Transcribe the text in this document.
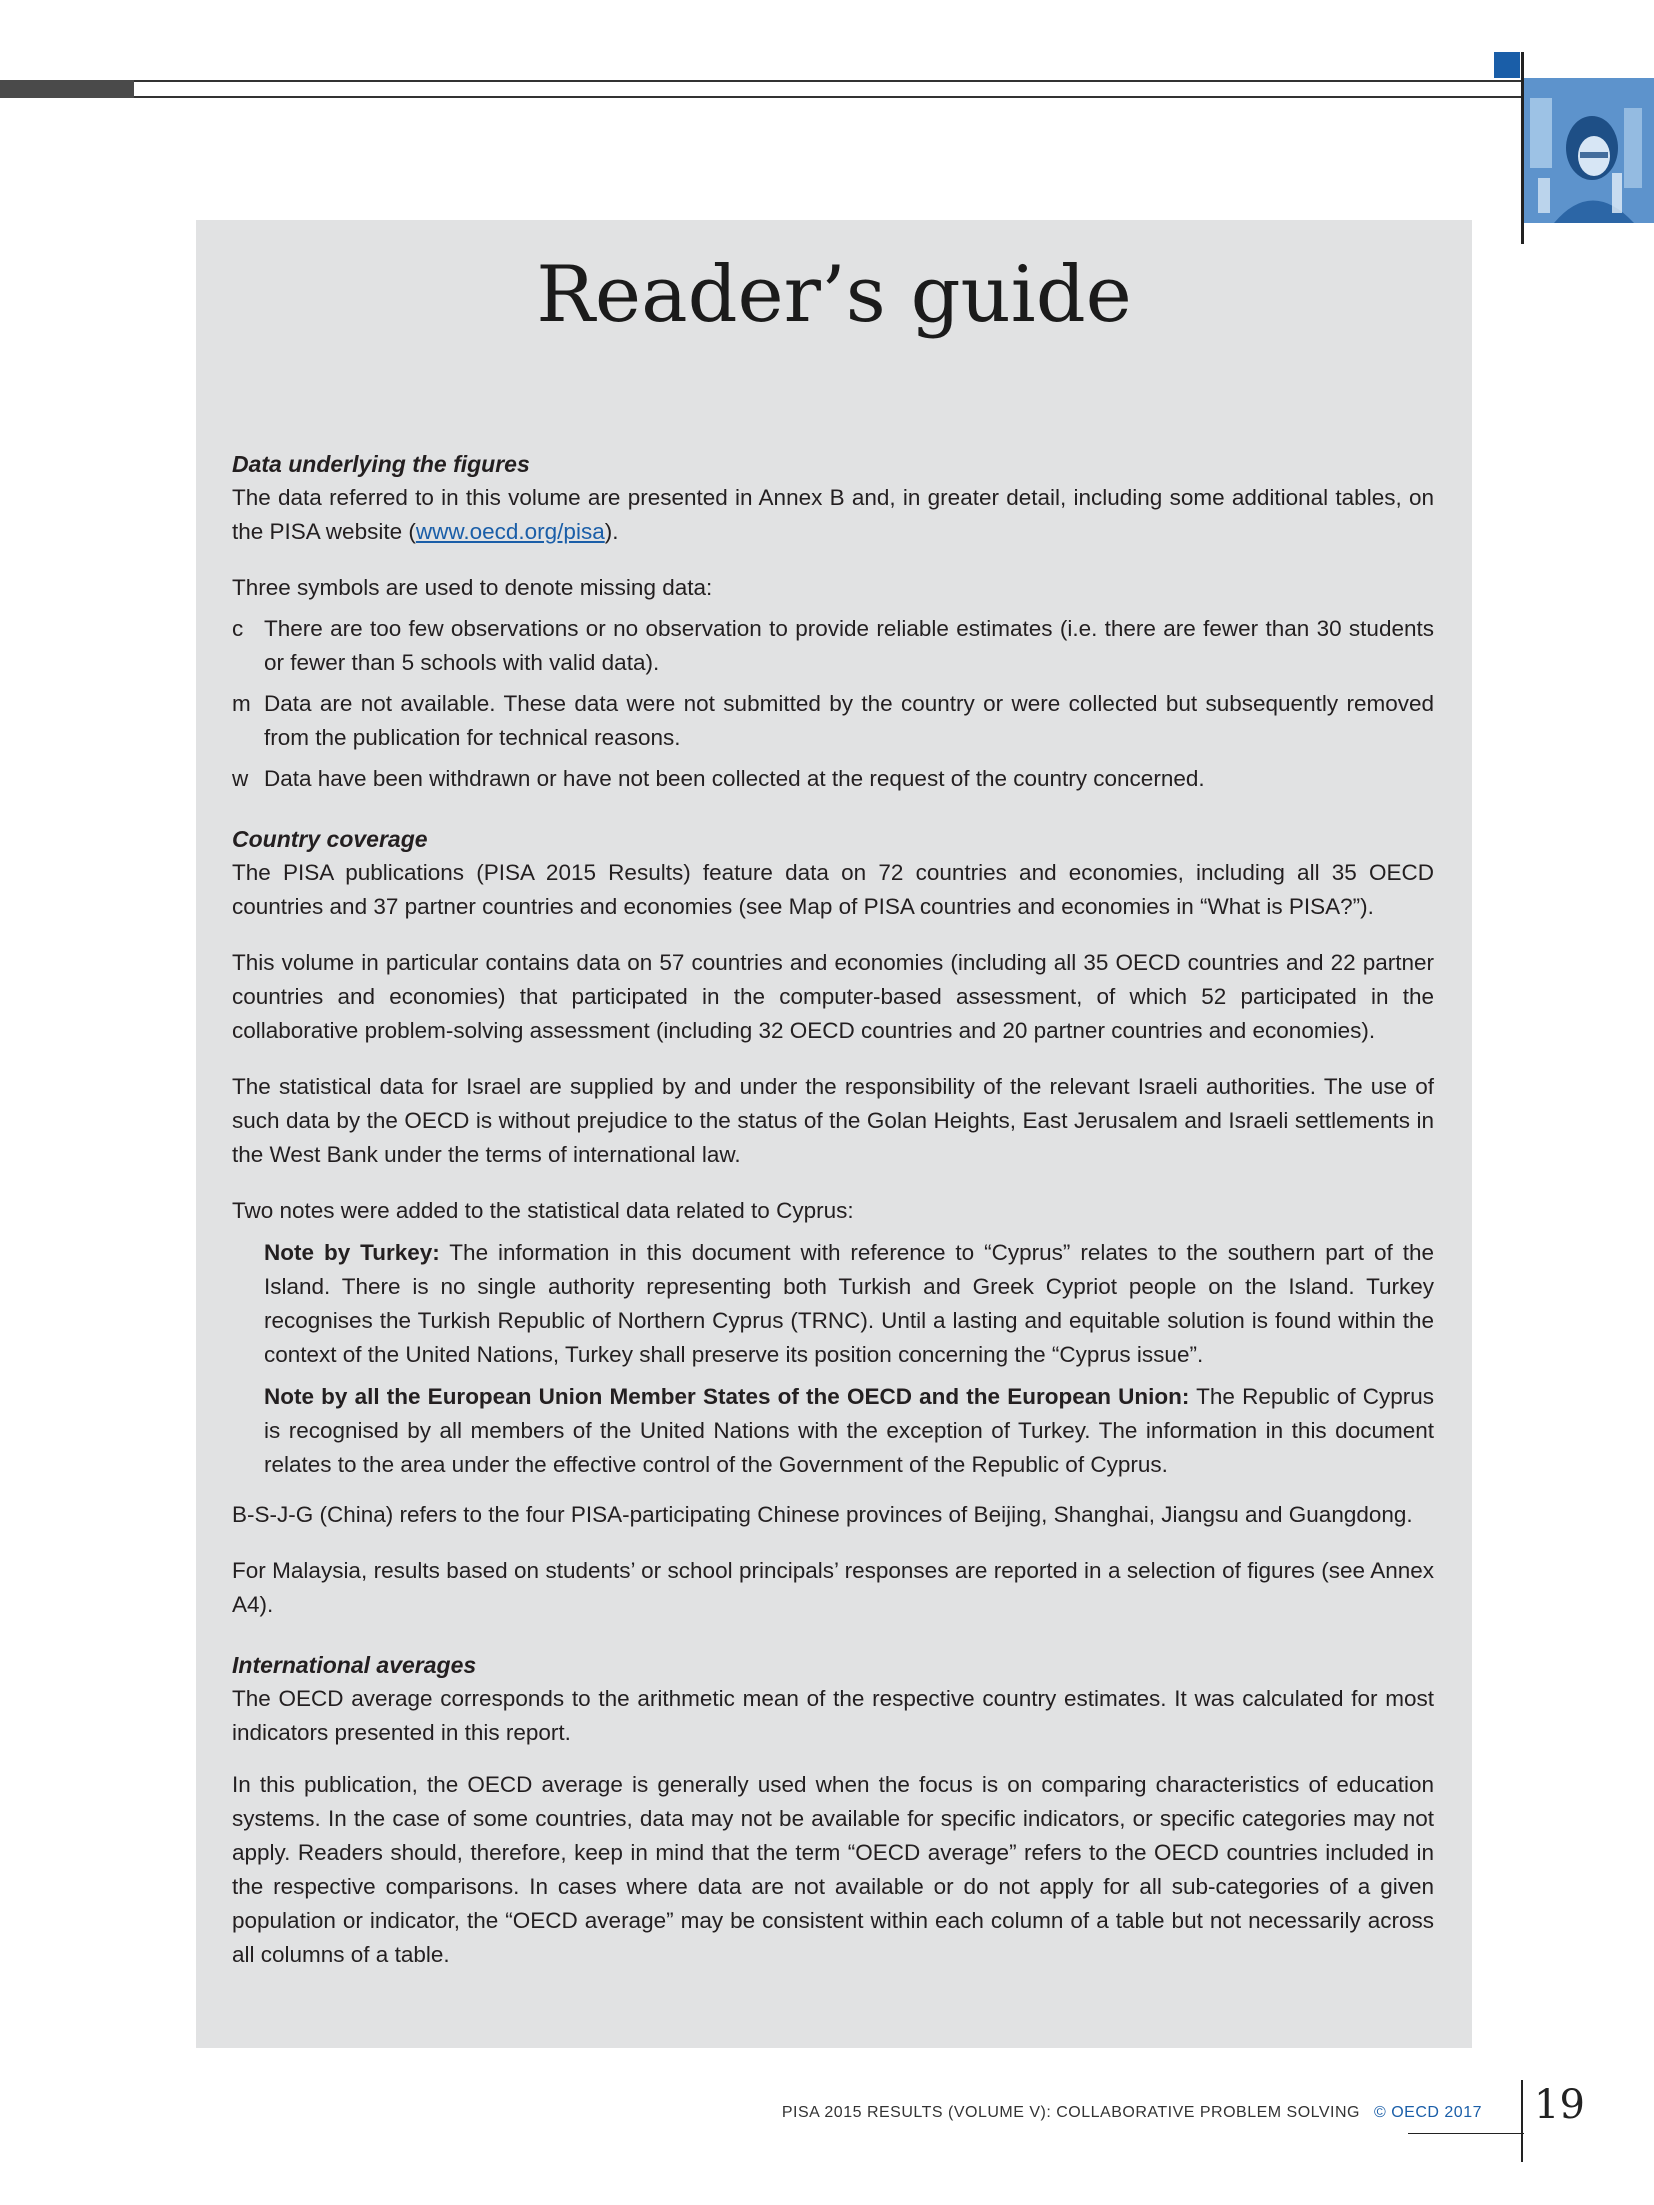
Reader’s guide
Data underlying the figures

The data referred to in this volume are presented in Annex B and, in greater detail, including some additional tables, on the PISA website (www.oecd.org/pisa).

Three symbols are used to denote missing data:

c There are too few observations or no observation to provide reliable estimates (i.e. there are fewer than 30 students or fewer than 5 schools with valid data).
m Data are not available. These data were not submitted by the country or were collected but subsequently removed from the publication for technical reasons.
w Data have been withdrawn or have not been collected at the request of the country concerned.
Country coverage

The PISA publications (PISA 2015 Results) feature data on 72 countries and economies, including all 35 OECD countries and 37 partner countries and economies (see Map of PISA countries and economies in “What is PISA?”).

This volume in particular contains data on 57 countries and economies (including all 35 OECD countries and 22 partner countries and economies) that participated in the computer-based assessment, of which 52 participated in the collaborative problem-solving assessment (including 32 OECD countries and 20 partner countries and economies).

The statistical data for Israel are supplied by and under the responsibility of the relevant Israeli authorities. The use of such data by the OECD is without prejudice to the status of the Golan Heights, East Jerusalem and Israeli settlements in the West Bank under the terms of international law.

Two notes were added to the statistical data related to Cyprus:

Note by Turkey: The information in this document with reference to “Cyprus” relates to the southern part of the Island. There is no single authority representing both Turkish and Greek Cypriot people on the Island. Turkey recognises the Turkish Republic of Northern Cyprus (TRNC). Until a lasting and equitable solution is found within the context of the United Nations, Turkey shall preserve its position concerning the “Cyprus issue”.

Note by all the European Union Member States of the OECD and the European Union: The Republic of Cyprus is recognised by all members of the United Nations with the exception of Turkey. The information in this document relates to the area under the effective control of the Government of the Republic of Cyprus.

B-S-J-G (China) refers to the four PISA-participating Chinese provinces of Beijing, Shanghai, Jiangsu and Guangdong.

For Malaysia, results based on students’ or school principals’ responses are reported in a selection of figures (see Annex A4).

International averages

The OECD average corresponds to the arithmetic mean of the respective country estimates. It was calculated for most indicators presented in this report.

In this publication, the OECD average is generally used when the focus is on comparing characteristics of education systems. In the case of some countries, data may not be available for specific indicators, or specific categories may not apply. Readers should, therefore, keep in mind that the term “OECD average” refers to the OECD countries included in the respective comparisons. In cases where data are not available or do not apply for all sub-categories of a given population or indicator, the “OECD average” may be consistent within each column of a table but not necessarily across all columns of a table.

PISA 2015 RESULTS (VOLUME V): COLLABORATIVE PROBLEM SOLVING © OECD 2017 19
